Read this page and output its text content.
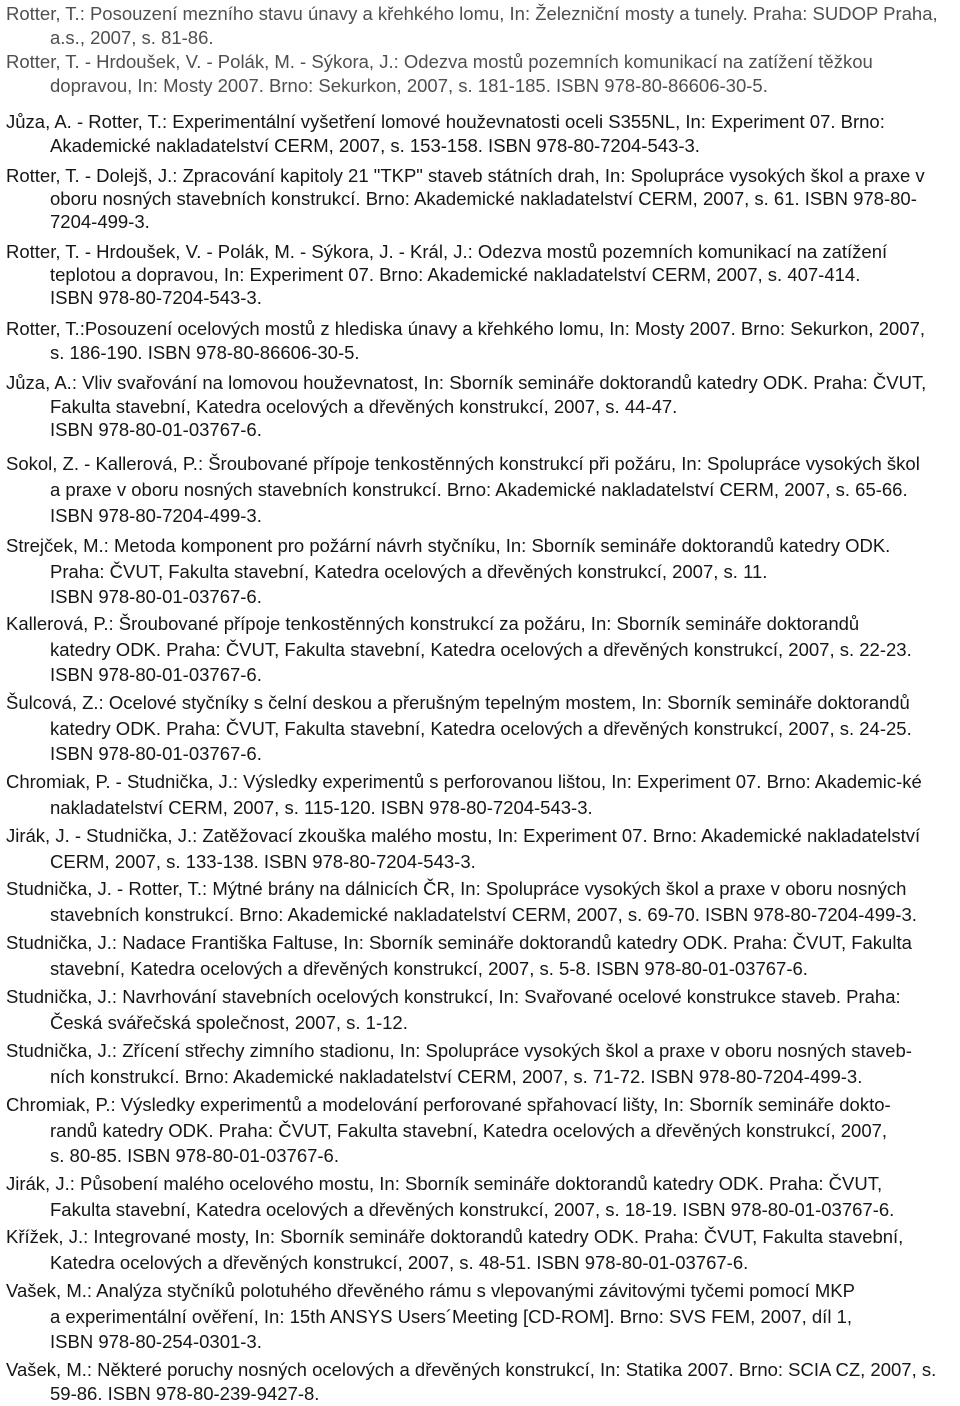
Rotter, T.: Posouzení mezního stavu únavy a křehkého lomu, In: Železniční mosty a tunely. Praha: SUDOP Praha,
a.s., 2007, s. 81-86.
Rotter, T. - Hrdoušek, V. - Polák, M. - Sýkora, J.: Odezva mostů pozemních komunikací na zatížení těžkou
dopravou, In: Mosty 2007. Brno: Sekurkon, 2007, s. 181-185. ISBN 978-80-86606-30-5.
Jůza, A. - Rotter, T.: Experimentální vyšetření lomové houževnatosti oceli S355NL, In: Experiment 07. Brno:
Akademické nakladatelství CERM, 2007, s. 153-158. ISBN 978-80-7204-543-3.
Rotter, T. - Dolejš, J.: Zpracování kapitoly 21 "TKP" staveb státních drah, In: Spolupráce vysokých škol a praxe v
oboru nosných stavebních konstrukcí. Brno: Akademické nakladatelství CERM, 2007, s. 61. ISBN 978-80-
7204-499-3.
Rotter, T. - Hrdoušek, V. - Polák, M. - Sýkora, J. - Král, J.: Odezva mostů pozemních komunikací na zatížení
teplotou a dopravou, In: Experiment 07. Brno: Akademické nakladatelství CERM, 2007, s. 407-414.
ISBN 978-80-7204-543-3.
Rotter, T.:Posouzení ocelových mostů z hlediska únavy a křehkého lomu, In: Mosty 2007. Brno: Sekurkon, 2007,
s. 186-190. ISBN 978-80-86606-30-5.
Jůza, A.: Vliv svařování na lomovou houževnatost, In: Sborník semináře doktorandů katedry ODK. Praha: ČVUT,
Fakulta stavební, Katedra ocelových a dřevěných konstrukcí, 2007, s. 44-47.
ISBN 978-80-01-03767-6.
Sokol, Z. - Kallerová, P.: Šroubované přípoje tenkostěnných konstrukcí při požáru, In: Spolupráce vysokých škol
a praxe v oboru nosných stavebních konstrukcí. Brno: Akademické nakladatelství CERM, 2007, s. 65-66.
ISBN 978-80-7204-499-3.
Strejček, M.: Metoda komponent pro požární návrh styčníku, In: Sborník semináře doktorandů katedry ODK.
Praha: ČVUT, Fakulta stavební, Katedra ocelových a dřevěných konstrukcí, 2007, s. 11.
ISBN 978-80-01-03767-6.
Kallerová, P.: Šroubované přípoje tenkostěnných konstrukcí za požáru, In: Sborník semináře doktorandů
katedry ODK. Praha: ČVUT, Fakulta stavební, Katedra ocelových a dřevěných konstrukcí, 2007, s. 22-23.
ISBN 978-80-01-03767-6.
Šulcová, Z.: Ocelové styčníky s čelní deskou a přerušným tepelným mostem, In: Sborník semináře doktorandů
katedry ODK. Praha: ČVUT, Fakulta stavební, Katedra ocelových a dřevěných konstrukcí, 2007, s. 24-25.
ISBN 978-80-01-03767-6.
Chromiak, P. - Studnička, J.: Výsledky experimentů s perforovanou lištou, In: Experiment 07. Brno: Akademic-ké
nakladatelství CERM, 2007, s. 115-120. ISBN 978-80-7204-543-3.
Jirák, J. - Studnička, J.: Zatěžovací zkouška malého mostu, In: Experiment 07. Brno: Akademické nakladatelství
CERM, 2007, s. 133-138. ISBN 978-80-7204-543-3.
Studnička, J. - Rotter, T.: Mýtné brány na dálnicích ČR, In: Spolupráce vysokých škol a praxe v oboru nosných
stavebních konstrukcí. Brno: Akademické nakladatelství CERM, 2007, s. 69-70. ISBN 978-80-7204-499-3.
Studnička, J.: Nadace Františka Faltuse, In: Sborník semináře doktorandů katedry ODK. Praha: ČVUT, Fakulta
stavební, Katedra ocelových a dřevěných konstrukcí, 2007, s. 5-8. ISBN 978-80-01-03767-6.
Studnička, J.: Navrhování stavebních ocelových konstrukcí, In: Svařované ocelové konstrukce staveb. Praha:
Česká svářečská společnost, 2007, s. 1-12.
Studnička, J.: Zřícení střechy zimního stadionu, In: Spolupráce vysokých škol a praxe v oboru nosných staveb-
ních konstrukcí. Brno: Akademické nakladatelství CERM, 2007, s. 71-72. ISBN 978-80-7204-499-3.
Chromiak, P.: Výsledky experimentů a modelování perforované spřahovací lišty, In: Sborník semináře dokto-
randů katedry ODK. Praha: ČVUT, Fakulta stavební, Katedra ocelových a dřevěných konstrukcí, 2007,
s. 80-85. ISBN 978-80-01-03767-6.
Jirák, J.: Působení malého ocelového mostu, In: Sborník semináře doktorandů katedry ODK. Praha: ČVUT,
Fakulta stavební, Katedra ocelových a dřevěných konstrukcí, 2007, s. 18-19. ISBN 978-80-01-03767-6.
Křížek, J.: Integrované mosty, In: Sborník semináře doktorandů katedry ODK. Praha: ČVUT, Fakulta stavební,
Katedra ocelových a dřevěných konstrukcí, 2007, s. 48-51. ISBN 978-80-01-03767-6.
Vašek, M.: Analýza styčníků polotuhého dřevěného rámu s vlepovanými závitovými tyčemi pomocí MKP
a experimentální ověření, In: 15th ANSYS Users´Meeting [CD-ROM]. Brno: SVS FEM, 2007, díl 1,
ISBN 978-80-254-0301-3.
Vašek, M.: Některé poruchy nosných ocelových a dřevěných konstrukcí, In: Statika 2007. Brno: SCIA CZ, 2007, s.
59-86. ISBN 978-80-239-9427-8.
